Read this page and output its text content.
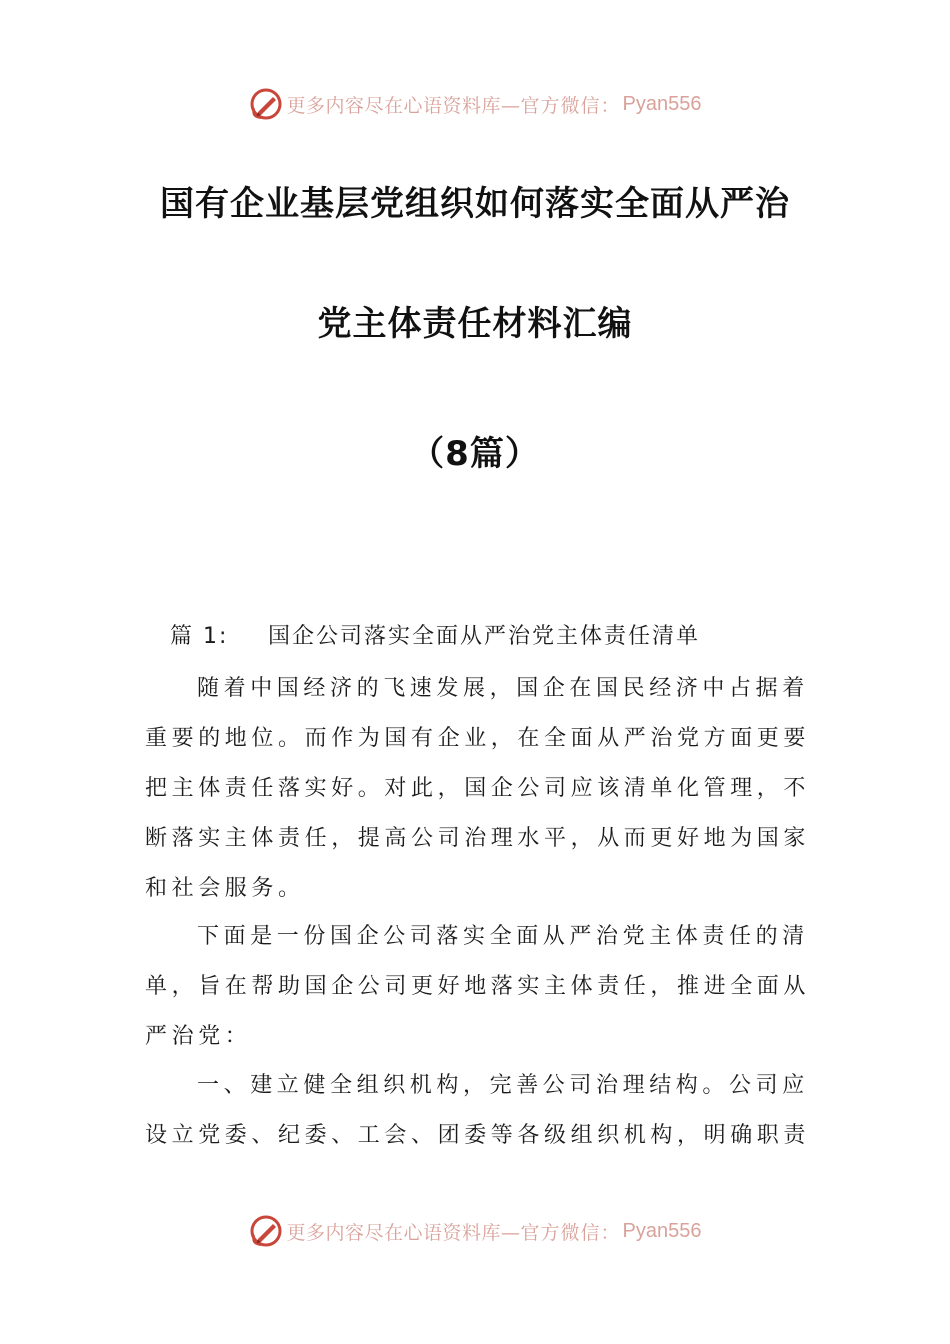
更多内容尽在心语资料库— 官方微信： Pyan556
国有企业基层党组织如何落实全面从严治
党主体责任材料汇编
（8篇）
篇 1: 国企公司落实全面从严治党主体责任清单
随着中国经济的飞速发展，国企在国民经济中占据着
重要的地位。而作为国有企业，在全面从严治党方面更要
把主体责任落实好。对此，国企公司应该清单化管理，不
断落实主体责任，提高公司治理水平，从而更好地为国家
和社会服务。
下面是一份国企公司落实全面从严治党主体责任的清
单，旨在帮助国企公司更好地落实主体责任，推进全面从
严治党：
一、建立健全组织机构，完善公司治理结构。公司应
设立党委、纪委、工会、团委等各级组织机构，明确职责
更多内容尽在心语资料库— 官方微信： Pyan556
